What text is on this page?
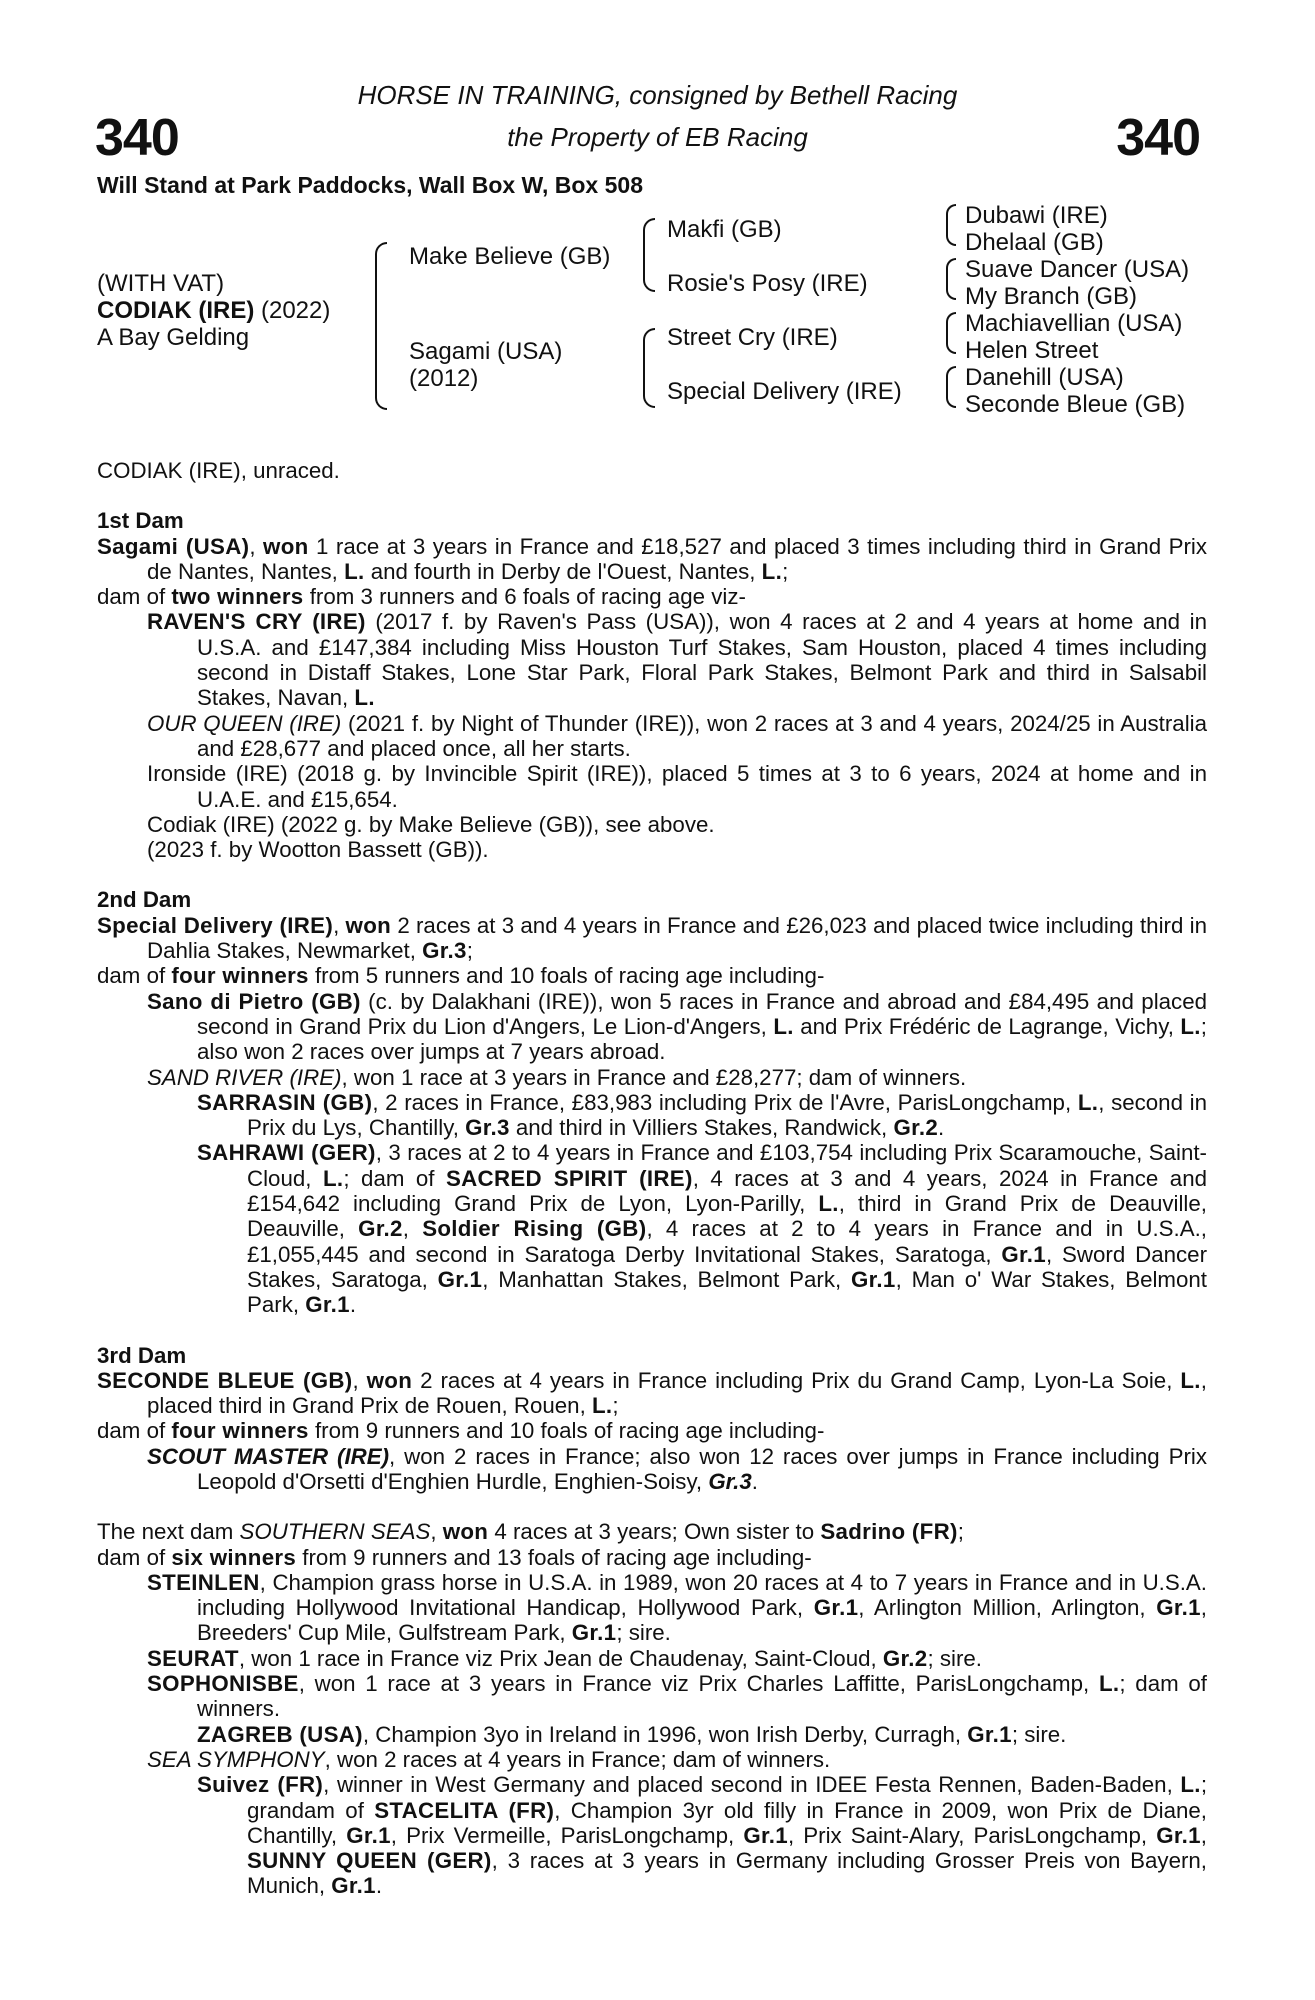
340	340
HORSE IN TRAINING, consigned by Bethell Racing
the Property of EB Racing
Will Stand at Park Paddocks, Wall Box W, Box 508
(WITH VAT)
CODIAK (IRE) (2022)
A Bay Gelding
Make Believe (GB)
Sagami (USA)
(2012)
Makfi (GB)
Rosie's Posy (IRE)
Street Cry (IRE)
Special Delivery (IRE)
Dubawi (IRE)
Dhelaal (GB)
Suave Dancer (USA)
My Branch (GB)
Machiavellian (USA)
Helen Street
Danehill (USA)
Seconde Bleue (GB)

CODIAK (IRE), unraced.

1st Dam

Sagami (USA), won 1 race at 3 years in France and £18,527 and placed 3 times including third in Grand Prix de Nantes, Nantes, L. and fourth in Derby de l'Ouest, Nantes, L.;

dam of two winners from 3 runners and 6 foals of racing age viz-

RAVEN'S CRY (IRE) (2017 f. by Raven's Pass (USA)), won 4 races at 2 and 4 years at home and in U.S.A. and £147,384 including Miss Houston Turf Stakes, Sam Houston, placed 4 times including second in Distaff Stakes, Lone Star Park, Floral Park Stakes, Belmont Park and third in Salsabil Stakes, Navan, L.

OUR QUEEN (IRE) (2021 f. by Night of Thunder (IRE)), won 2 races at 3 and 4 years, 2024/25 in Australia and £28,677 and placed once, all her starts.

Ironside (IRE) (2018 g. by Invincible Spirit (IRE)), placed 5 times at 3 to 6 years, 2024 at home and in U.A.E. and £15,654.

Codiak (IRE) (2022 g. by Make Believe (GB)), see above.

(2023 f. by Wootton Bassett (GB)).

2nd Dam

Special Delivery (IRE), won 2 races at 3 and 4 years in France and £26,023 and placed twice including third in Dahlia Stakes, Newmarket, Gr.3;

dam of four winners from 5 runners and 10 foals of racing age including-

Sano di Pietro (GB) (c. by Dalakhani (IRE)), won 5 races in France and abroad and £84,495 and placed second in Grand Prix du Lion d'Angers, Le Lion-d'Angers, L. and Prix Frédéric de Lagrange, Vichy, L.; also won 2 races over jumps at 7 years abroad.

SAND RIVER (IRE), won 1 race at 3 years in France and £28,277; dam of winners.

SARRASIN (GB), 2 races in France, £83,983 including Prix de l'Avre, ParisLongchamp, L., second in Prix du Lys, Chantilly, Gr.3 and third in Villiers Stakes, Randwick, Gr.2.

SAHRAWI (GER), 3 races at 2 to 4 years in France and £103,754 including Prix Scaramouche, Saint-Cloud, L.; dam of SACRED SPIRIT (IRE), 4 races at 3 and 4 years, 2024 in France and £154,642 including Grand Prix de Lyon, Lyon-Parilly, L., third in Grand Prix de Deauville, Deauville, Gr.2, Soldier Rising (GB), 4 races at 2 to 4 years in France and in U.S.A., £1,055,445 and second in Saratoga Derby Invitational Stakes, Saratoga, Gr.1, Sword Dancer Stakes, Saratoga, Gr.1, Manhattan Stakes, Belmont Park, Gr.1, Man o' War Stakes, Belmont Park, Gr.1.

3rd Dam

SECONDE BLEUE (GB), won 2 races at 4 years in France including Prix du Grand Camp, Lyon-La Soie, L., placed third in Grand Prix de Rouen, Rouen, L.;

dam of four winners from 9 runners and 10 foals of racing age including-

SCOUT MASTER (IRE), won 2 races in France; also won 12 races over jumps in France including Prix Leopold d'Orsetti d'Enghien Hurdle, Enghien-Soisy, Gr.3.

The next dam SOUTHERN SEAS, won 4 races at 3 years; Own sister to Sadrino (FR);

dam of six winners from 9 runners and 13 foals of racing age including-

STEINLEN, Champion grass horse in U.S.A. in 1989, won 20 races at 4 to 7 years in France and in U.S.A. including Hollywood Invitational Handicap, Hollywood Park, Gr.1, Arlington Million, Arlington, Gr.1, Breeders' Cup Mile, Gulfstream Park, Gr.1; sire.

SEURAT, won 1 race in France viz Prix Jean de Chaudenay, Saint-Cloud, Gr.2; sire.

SOPHONISBE, won 1 race at 3 years in France viz Prix Charles Laffitte, ParisLongchamp, L.; dam of winners.

ZAGREB (USA), Champion 3yo in Ireland in 1996, won Irish Derby, Curragh, Gr.1; sire.

SEA SYMPHONY, won 2 races at 4 years in France; dam of winners.

Suivez (FR), winner in West Germany and placed second in IDEE Festa Rennen, Baden-Baden, L.; grandam of STACELITA (FR), Champion 3yr old filly in France in 2009, won Prix de Diane, Chantilly, Gr.1, Prix Vermeille, ParisLongchamp, Gr.1, Prix Saint-Alary, ParisLongchamp, Gr.1, SUNNY QUEEN (GER), 3 races at 3 years in Germany including Grosser Preis von Bayern, Munich, Gr.1.
